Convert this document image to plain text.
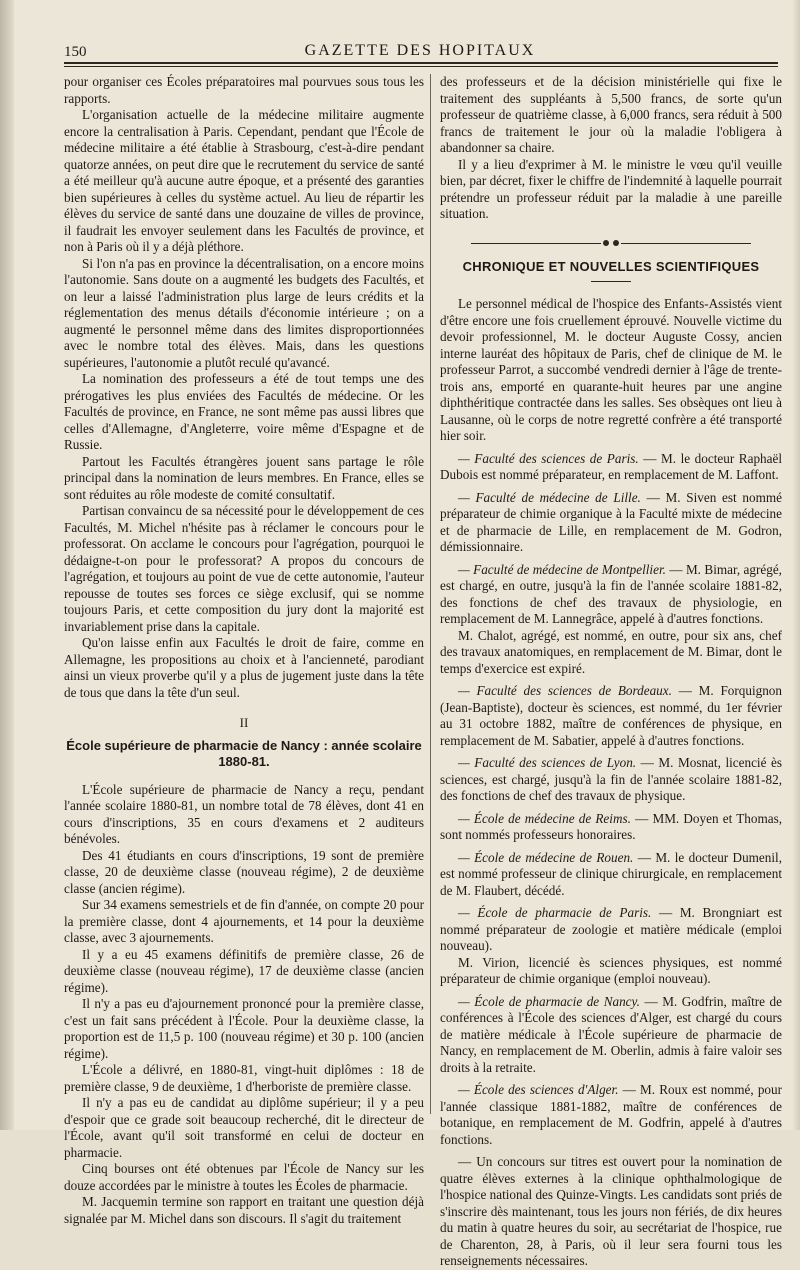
150	GAZETTE DES HOPITAUX

pour organiser ces Écoles préparatoires mal pourvues sous tous les rapports.

L'organisation actuelle de la médecine militaire augmente encore la centralisation à Paris. Cependant, pendant que l'École de médecine militaire a été établie à Strasbourg, c'est-à-dire pendant quatorze années, on peut dire que le recrutement du service de santé a été meilleur qu'à aucune autre époque, et a présenté des garanties bien supérieures à celles du système actuel. Au lieu de répartir les élèves du service de santé dans une douzaine de villes de province, il faudrait les envoyer seulement dans les Facultés de province, et non à Paris où il y a déjà pléthore.

Si l'on n'a pas en province la décentralisation, on a encore moins l'autonomie. Sans doute on a augmenté les budgets des Facultés, et on leur a laissé l'administration plus large de leurs crédits et la réglementation des menus détails d'économie intérieure ; on a augmenté le personnel même dans des limites disproportionnées avec le nombre total des élèves. Mais, dans les questions supérieures, l'autonomie a plutôt reculé qu'avancé.

La nomination des professeurs a été de tout temps une des prérogatives les plus enviées des Facultés de médecine. Or les Facultés de province, en France, ne sont même pas aussi libres que celles d'Allemagne, d'Angleterre, voire même d'Espagne et de Russie.

Partout les Facultés étrangères jouent sans partage le rôle principal dans la nomination de leurs membres. En France, elles se sont réduites au rôle modeste de comité consultatif.

Partisan convaincu de sa nécessité pour le développement de ces Facultés, M. Michel n'hésite pas à réclamer le concours pour le professorat. On acclame le concours pour l'agrégation, pourquoi le dédaigne-t-on pour le professorat? A propos du concours de l'agrégation, et toujours au point de vue de cette autonomie, l'auteur repousse de toutes ses forces ce siège exclusif, qui se nomme toujours Paris, et cette composition du jury dont la majorité est invariablement prise dans la capitale.

Qu'on laisse enfin aux Facultés le droit de faire, comme en Allemagne, les propositions au choix et à l'ancienneté, parodiant ainsi un vieux proverbe qu'il y a plus de jugement juste dans la tête de tous que dans la tête d'un seul.

II
École supérieure de pharmacie de Nancy : année scolaire 1880-81.

L'École supérieure de pharmacie de Nancy a reçu, pendant l'année scolaire 1880-81, un nombre total de 78 élèves, dont 41 en cours d'inscriptions, 35 en cours d'examens et 2 auditeurs bénévoles.

Des 41 étudiants en cours d'inscriptions, 19 sont de première classe, 20 de deuxième classe (nouveau régime), 2 de deuxième classe (ancien régime).

Sur 34 examens semestriels et de fin d'année, on compte 20 pour la première classe, dont 4 ajournements, et 14 pour la deuxième classe, avec 3 ajournements.

Il y a eu 45 examens définitifs de première classe, 26 de deuxième classe (nouveau régime), 17 de deuxième classe (ancien régime).

Il n'y a pas eu d'ajournement prononcé pour la première classe, c'est un fait sans précédent à l'École. Pour la deuxième classe, la proportion est de 11,5 p. 100 (nouveau régime) et 30 p. 100 (ancien régime).

L'École a délivré, en 1880-81, vingt-huit diplômes : 18 de première classe, 9 de deuxième, 1 d'herboriste de première classe.

Il n'y a pas eu de candidat au diplôme supérieur; il y a peu d'espoir que ce grade soit beaucoup recherché, dit le directeur de l'École, avant qu'il soit transformé en celui de docteur en pharmacie.

Cinq bourses ont été obtenues par l'École de Nancy sur les douze accordées par le ministre à toutes les Écoles de pharmacie.

M. Jacquemin termine son rapport en traitant une question déjà signalée par M. Michel dans son discours. Il s'agit du traitement

des professeurs et de la décision ministérielle qui fixe le traitement des suppléants à 5,500 francs, de sorte qu'un professeur de quatrième classe, à 6,000 francs, sera réduit à 500 francs de traitement le jour où la maladie l'obligera à abandonner sa chaire.

Il y a lieu d'exprimer à M. le ministre le vœu qu'il veuille bien, par décret, fixer le chiffre de l'indemnité à laquelle pourrait prétendre un professeur réduit par la maladie à une pareille situation.

CHRONIQUE ET NOUVELLES SCIENTIFIQUES

Le personnel médical de l'hospice des Enfants-Assistés vient d'être encore une fois cruellement éprouvé. Nouvelle victime du devoir professionnel, M. le docteur Auguste Cossy, ancien interne lauréat des hôpitaux de Paris, chef de clinique de M. le professeur Parrot, a succombé vendredi dernier à l'âge de trente-trois ans, emporté en quarante-huit heures par une angine diphthéritique contractée dans les salles. Ses obsèques ont lieu à Lausanne, où le corps de notre regretté confrère a été transporté hier soir.

— Faculté des sciences de Paris. — M. le docteur Raphaël Dubois est nommé préparateur, en remplacement de M. Laffont.

— Faculté de médecine de Lille. — M. Siven est nommé préparateur de chimie organique à la Faculté mixte de médecine et de pharmacie de Lille, en remplacement de M. Godron, démissionnaire.

— Faculté de médecine de Montpellier. — M. Bimar, agrégé, est chargé, en outre, jusqu'à la fin de l'année scolaire 1881-82, des fonctions de chef des travaux de physiologie, en remplacement de M. Lannegrâce, appelé à d'autres fonctions.

M. Chalot, agrégé, est nommé, en outre, pour six ans, chef des travaux anatomiques, en remplacement de M. Bimar, dont le temps d'exercice est expiré.

— Faculté des sciences de Bordeaux. — M. Forquignon (Jean-Baptiste), docteur ès sciences, est nommé, du 1er février au 31 octobre 1882, maître de conférences de physique, en remplacement de M. Sabatier, appelé à d'autres fonctions.

— Faculté des sciences de Lyon. — M. Mosnat, licencié ès sciences, est chargé, jusqu'à la fin de l'année scolaire 1881-82, des fonctions de chef des travaux de physique.

— École de médecine de Reims. — MM. Doyen et Thomas, sont nommés professeurs honoraires.

— École de médecine de Rouen. — M. le docteur Dumenil, est nommé professeur de clinique chirurgicale, en remplacement de M. Flaubert, décédé.

— École de pharmacie de Paris. — M. Brongniart est nommé préparateur de zoologie et matière médicale (emploi nouveau).

M. Virion, licencié ès sciences physiques, est nommé préparateur de chimie organique (emploi nouveau).

— École de pharmacie de Nancy. — M. Godfrin, maître de conférences à l'École des sciences d'Alger, est chargé du cours de matière médicale à l'École supérieure de pharmacie de Nancy, en remplacement de M. Oberlin, admis à faire valoir ses droits à la retraite.

— École des sciences d'Alger. — M. Roux est nommé, pour l'année classique 1881-1882, maître de conférences de botanique, en remplacement de M. Godfrin, appelé à d'autres fonctions.

— Un concours sur titres est ouvert pour la nomination de quatre élèves externes à la clinique ophthalmologique de l'hospice national des Quinze-Vingts. Les candidats sont priés de s'inscrire dès maintenant, tous les jours non fériés, de dix heures du matin à quatre heures du soir, au secrétariat de l'hospice, rue de Charenton, 28, à Paris, où il leur sera fourni tous les renseignements nécessaires.
